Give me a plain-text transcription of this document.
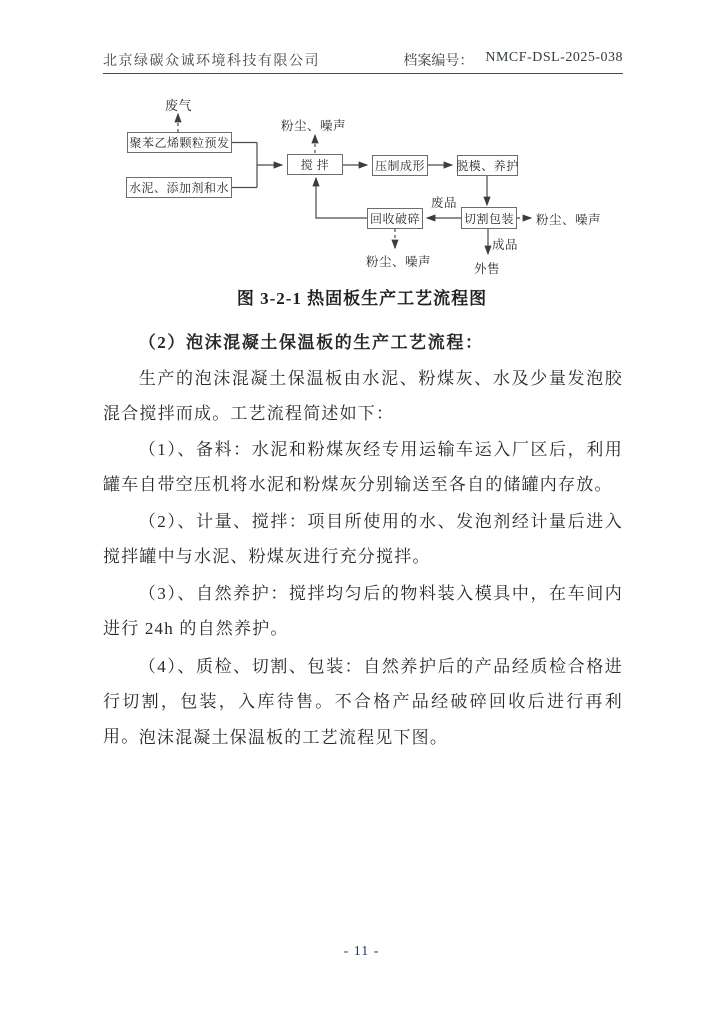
北京绿碳众诚环境科技有限公司	档案编号： NMCF-DSL-2025-038
聚苯乙烯颗粒预发
水泥、添加剂和水
搅 拌	压制成形	脱模、养护
切割包装
回收破碎
废气
粉尘、噪声
废品
粉尘、噪声
成品
外售
粉尘、噪声
图 3-2-1 热固板生产工艺流程图
（2）泡沫混凝土保温板的生产工艺流程：
生产的泡沫混凝土保温板由水泥、粉煤灰、水及少量发泡胶混合搅拌而成。工艺流程简述如下：
（1）、备料：水泥和粉煤灰经专用运输车运入厂区后，利用罐车自带空压机将水泥和粉煤灰分别输送至各自的储罐内存放。
（2）、计量、搅拌：项目所使用的水、发泡剂经计量后进入搅拌罐中与水泥、粉煤灰进行充分搅拌。
（3）、自然养护：搅拌均匀后的物料装入模具中，在车间内进行 24h 的自然养护。
（4）、质检、切割、包装：自然养护后的产品经质检合格进行切割，包装，入库待售。不合格产品经破碎回收后进行再利用。 泡沫混凝土保温板的工艺流程见下图。
- 11 -
